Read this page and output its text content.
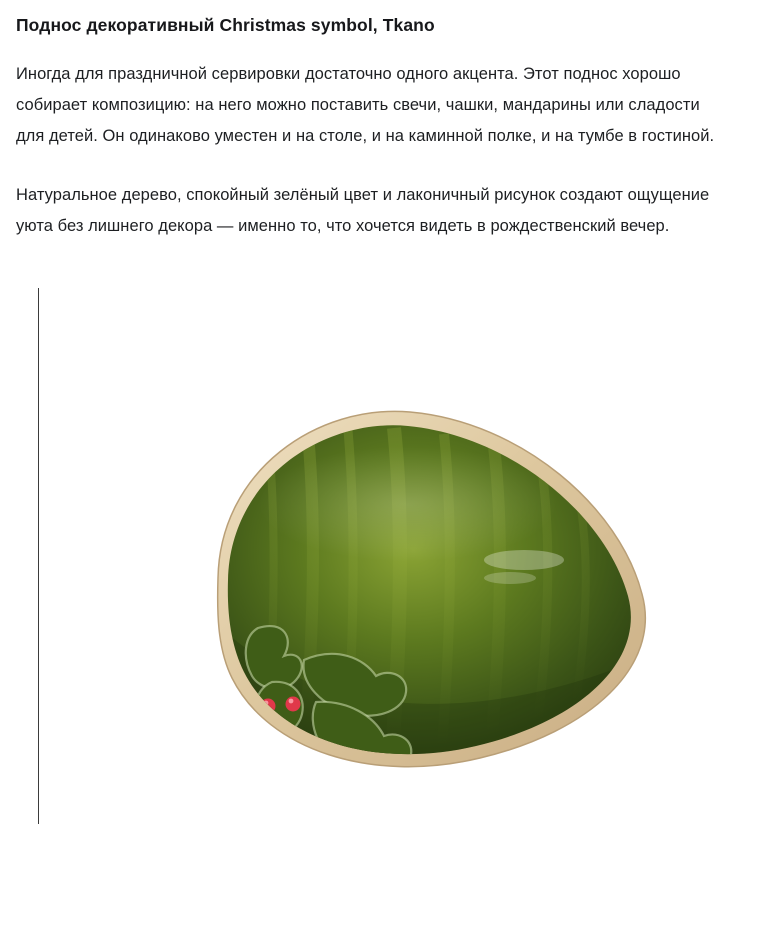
Поднос декоративный Christmas symbol, Tkano

Иногда для праздничной сервировки достаточно одного акцента. Этот поднос хорошо собирает композицию: на него можно поставить свечи, чашки, мандарины или сладости для детей. Он одинаково уместен и на столе, и на каминной полке, и на тумбе в гостиной.

Натуральное дерево, спокойный зелёный цвет и лаконичный рисунок создают ощущение уюта без лишнего декора — именно то, что хочется видеть в рождественский вечер.
